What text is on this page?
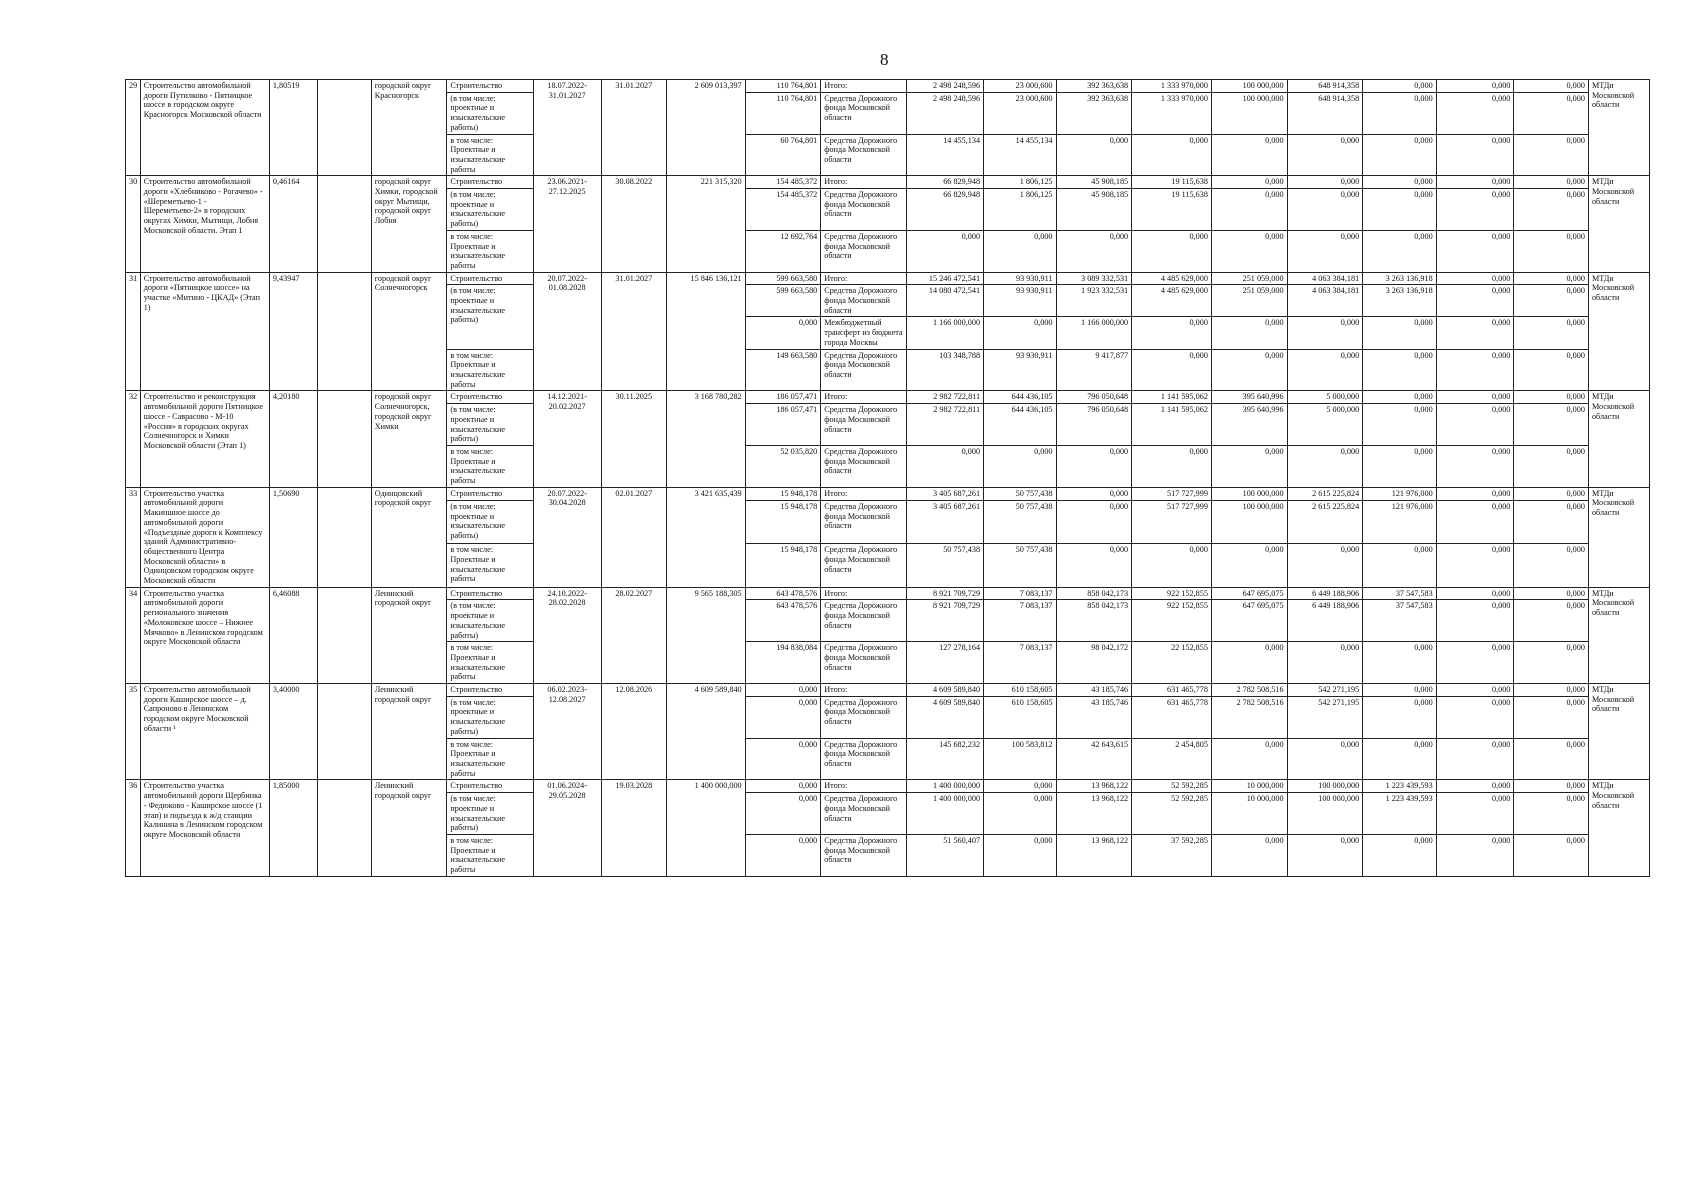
8
29	Строительство автомобильной дороги Путилково - Пятницкое шоссе в городском округе Красногорск Московской области	1,80519		городской округ Красногорск	Строительство	18.07.2022-31.01.2027	31.01.2027	2 609 013,397	110 764,801	Итого:	2 498 248,596	23 000,600	392 363,638	1 333 970,000	100 000,000	648 914,358	0,000	0,000	0,000	МТДи Московской области
					(в том числе: проектные и изыскательские работы)				110 764,801	Средства Дорожного фонда Московской области	2 498 248,596	23 000,600	392 363,638	1 333 970,000	100 000,000	648 914,358	0,000	0,000	0,000	
					в том числе: Проектные и изыскательские работы				60 764,801	Средства Дорожного фонда Московской области	14 455,134	14 455,134	0,000	0,000	0,000	0,000	0,000	0,000	0,000	
30	Строительство автомобильной дороги «Хлебниково - Рогачево» - «Шереметьево-1 - Шереметьево-2» в городских округах Химки, Мытищи, Лобня Московской области. Этап 1	0,46164		городской округ Химки, городской округ Мытищи, городской округ Лобня	Строительство	23.06.2021-27.12.2025	30.08.2022	221 315,320	154 485,372	Итого:	66 829,948	1 806,125	45 908,185	19 115,638	0,000	0,000	0,000	0,000	0,000	МТДи Московской области
					(в том числе: проектные и изыскательские работы)				154 485,372	Средства Дорожного фонда Московской области	66 829,948	1 806,125	45 908,185	19 115,638	0,000	0,000	0,000	0,000	0,000	
					в том числе: Проектные и изыскательские работы				12 692,764	Средства Дорожного фонда Московской области	0,000	0,000	0,000	0,000	0,000	0,000	0,000	0,000	0,000	
31	Строительство автомобильной дороги «Пятницкое шоссе» на участке «Митино - ЦКАД» (Этап 1)	9,43947		городской округ Солнечногорск	Строительство	20.07.2022-01.08.2028	31.01.2027	15 846 136,121	599 663,580	Итого:	15 246 472,541	93 930,911	3 089 332,531	4 485 629,000	251 059,000	4 063 384,181	3 263 136,918	0,000	0,000	МТДи Московской области
					(в том числе: проектные и изыскательские работы)				599 663,580	Средства Дорожного фонда Московской области	14 080 472,541	93 930,911	1 923 332,531	4 485 629,000	251 059,000	4 063 384,181	3 263 136,918	0,000	0,000	
									0,000	Межбюджетный трансферт из бюджета города Москвы	1 166 000,000	0,000	1 166 000,000	0,000	0,000	0,000	0,000	0,000	0,000	
					в том числе: Проектные и изыскательские работы				149 663,580	Средства Дорожного фонда Московской области	103 348,788	93 930,911	9 417,877	0,000	0,000	0,000	0,000	0,000	0,000	
32	Строительство и реконструкция автомобильной дороги Пятницкое шоссе - Савраcово - М-10 «Россия» в городских округах Солнечногорск и Химки Московской области (Этап 1)	4,20180		городской округ Солнечногорск, городской округ Химки	Строительство	14.12.2021-20.02.2027	30.11.2025	3 168 780,282	186 057,471	Итого:	2 982 722,811	644 436,105	796 050,648	1 141 595,062	395 640,996	5 000,000	0,000	0,000	0,000	МТДи Московской области
					(в том числе: проектные и изыскательские работы)				186 057,471	Средства Дорожного фонда Московской области	2 982 722,811	644 436,105	796 050,648	1 141 595,062	395 640,996	5 000,000	0,000	0,000	0,000	
					в том числе: Проектные и изыскательские работы				52 035,820	Средства Дорожного фонда Московской области	0,000	0,000	0,000	0,000	0,000	0,000	0,000	0,000	0,000	
33	Строительство участка автомобильной дороги Макиншное шоссе до автомобильной дороги «Подъездные дороги к Комплексу зданий Административно-общественного Центра Московской области» в Одинцовском городском округе Московской области	1,50690		Одинцовский городской округ	Строительство	20.07.2022-30.04.2028	02.01.2027	3 421 635,439	15 948,178	Итого:	3 405 687,261	50 757,438	0,000	517 727,999	100 000,000	2 615 225,824	121 976,000	0,000	0,000	МТДи Московской области
					(в том числе: проектные и изыскательские работы)				15 948,178	Средства Дорожного фонда Московской области	3 405 687,261	50 757,438	0,000	517 727,999	100 000,000	2 615 225,824	121 976,000	0,000	0,000	
					в том числе: Проектные и изыскательские работы				15 948,178	Средства Дорожного фонда Московской области	50 757,438	50 757,438	0,000	0,000	0,000	0,000	0,000	0,000	0,000	
34	Строительство участка автомобильной дороги регионального значения «Молоковское шоссе – Нижнее Мячково» в Ленинском городском округе Московской области	6,46088		Ленинский городской округ	Строительство	24.10.2022-28.02.2028	28.02.2027	9 565 188,305	643 478,576	Итого:	8 921 709,729	7 083,137	858 042,173	922 152,855	647 695,075	6 449 188,906	37 547,583	0,000	0,000	МТДи Московской области
					(в том числе: проектные и изыскательские работы)				643 478,576	Средства Дорожного фонда Московской области	8 921 709,729	7 083,137	858 042,173	922 152,855	647 695,075	6 449 188,906	37 547,583	0,000	0,000	
					в том числе: Проектные и изыскательские работы				194 838,084	Средства Дорожного фонда Московской области	127 278,164	7 083,137	98 042,172	22 152,855	0,000	0,000	0,000	0,000	0,000	
35	Строительство автомобильной дороги Каширское шоссе – д. Сапроново в Ленинском городском округе Московской области ¹	3,40000		Ленинский городской округ	Строительство	06.02.2023-12.08.2027	12.08.2026	4 609 589,840	0,000	Итого:	4 609 589,840	610 158,605	43 185,746	631 465,778	2 782 508,516	542 271,195	0,000	0,000	0,000	МТДи Московской области
					(в том числе: проектные и изыскательские работы)				0,000	Средства Дорожного фонда Московской области	4 609 589,840	610 158,605	43 185,746	631 465,778	2 782 508,516	542 271,195	0,000	0,000	0,000	
					в том числе: Проектные и изыскательские работы				0,000	Средства Дорожного фонда Московской области	145 682,232	100 583,812	42 643,615	2 454,805	0,000	0,000	0,000	0,000	0,000	
36	Строительство участка автомобильной дороги Щербинка - Федюково - Каширское шоссе (1 этап) и подъезда к ж/д станции Калинина в Ленинском городском округе Московской области	1,85000		Ленинский городской округ	Строительство	01.06.2024-29.05.2028	19.03.2028	1 400 000,000	0,000	Итого:	1 400 000,000	0,000	13 968,122	52 592,285	10 000,000	100 000,000	1 223 439,593	0,000	0,000	МТДи Московской области
					(в том числе: проектные и изыскательские работы)				0,000	Средства Дорожного фонда Московской области	1 400 000,000	0,000	13 968,122	52 592,285	10 000,000	100 000,000	1 223 439,593	0,000	0,000	
					в том числе: Проектные и изыскательские работы				0,000	Средства Дорожного фонда Московской области	51 560,407	0,000	13 968,122	37 592,285	0,000	0,000	0,000	0,000	0,000	
